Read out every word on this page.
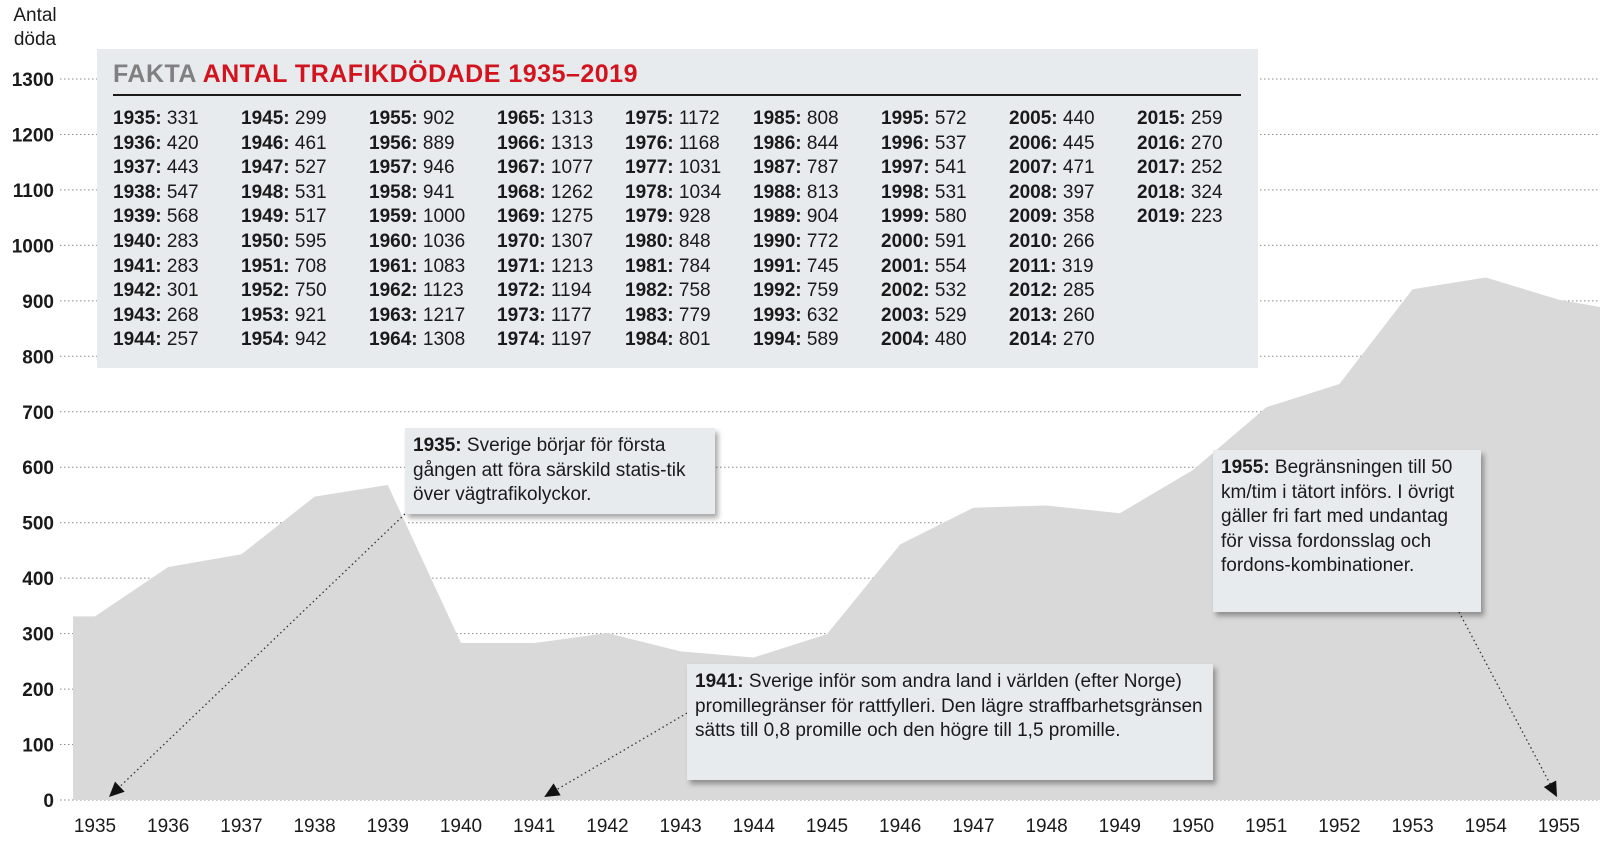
0
100
200
300
400
500
600
700
800
900
1000
1100
1200
1300
1935 1936 1937 1938 1939 1940 1941 1942 1943 1944 1945 1946 1947 1948 1949 1950 1951 1952 1953 1954 1955
Antal döda
FAKTA ANTAL TRAFIKDÖDADE 1935–2019
1935: 331
1936: 420
1937: 443
1938: 547
1939: 568
1940: 283
1941: 283
1942: 301
1943: 268
1944: 257
1945: 299
1946: 461
1947: 527
1948: 531
1949: 517
1950: 595
1951: 708
1952: 750
1953: 921
1954: 942
1955: 902
1956: 889
1957: 946
1958: 941
1959: 1000
1960: 1036
1961: 1083
1962: 1123
1963: 1217
1964: 1308
1965: 1313
1966: 1313
1967: 1077
1968: 1262
1969: 1275
1970: 1307
1971: 1213
1972: 1194
1973: 1177
1974: 1197
1975: 1172
1976: 1168
1977: 1031
1978: 1034
1979: 928
1980: 848
1981: 784
1982: 758
1983: 779
1984: 801
1985: 808
1986: 844
1987: 787
1988: 813
1989: 904
1990: 772
1991: 745
1992: 759
1993: 632
1994: 589
1995: 572
1996: 537
1997: 541
1998: 531
1999: 580
2000: 591
2001: 554
2002: 532
2003: 529
2004: 480
2005: 440
2006: 445
2007: 471
2008: 397
2009: 358
2010: 266
2011: 319
2012: 285
2013: 260
2014: 270
2015: 259
2016: 270
2017: 252
2018: 324
2019: 223
1935: Sverige börjar för första gången att föra särskild statis-tik över vägtrafikolyckor.
1941: Sverige inför som andra land i världen (efter Norge) promillegränser för rattfylleri. Den lägre straffbarhetsgränsen sätts till 0,8 promille och den högre till 1,5 promille.
1955: Begränsningen till 50 km/tim i tätort införs. I övrigt gäller fri fart med undantag för vissa fordonsslag och fordons-kombinationer.
